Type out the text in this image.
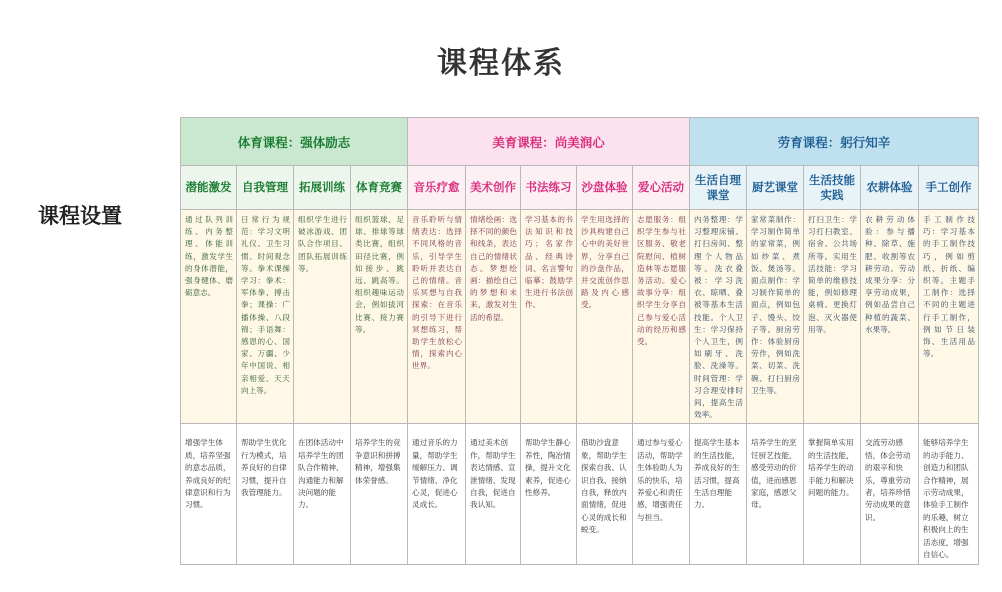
课程体系
课程设置
体育课程：强体励志				美育课程：尚美润心					劳育课程：躬行知辛				
潜能激发	自我管理	拓展训练	体育竞赛	音乐疗愈	美术创作	书法练习	沙盘体验	爱心活动	生活自理课堂	厨艺课堂	生活技能实践	农耕体验	手工创作

通过队列训练、内务整理、体能训练，激发学生的身体潜能，强身健体、磨砺意志。	日常行为规范：学习文明礼仪、卫生习惯、时间观念等。拳术课操学习：拳术：军体拳、搏击拳；课操：广播体操、八段锦；手语舞：感恩的心、国家、万疆、少年中国说、相亲相爱、天天向上等。	组织学生进行破冰游戏、团队合作项目、团队拓展训练等。	组织篮球、足球、排球等球类比赛，组织田径比赛，例如接步、跳远、跳高等。组织趣味运动会，例如拔河比赛、接力赛等。	音乐聆听与情绪表达：选择不同风格的音乐，引导学生聆听并表达自己的情绪。音乐冥想与自我探索：在音乐的引导下进行冥想练习，帮助学生放松心情，探索内心世界。	情绪绘画：选择不同的颜色和线条，表达自己的情绪状态。梦想绘画：描绘自己的梦想和未来，激发对生活的希望。	学习基本的书法知识和技巧；名家作品、经典诗词、名言警句临摹；鼓励学生进行书法创作。	学生用选择的沙具构建自己心中的美好世界，分享自己的沙盘作品，并交流创作思路及内心感受。	志愿服务：组织学生参与社区服务、敬老院慰问、植树造林等志愿服务活动。爱心故事分享：组织学生分享自己参与爱心活动的经历和感受。	内务整理：学习整理床铺、打扫房间、整理个人物品等。洗衣叠被：学习洗衣、晾晒、叠被等基本生活技能。个人卫生：学习保持个人卫生，例如刷牙、洗脸、洗澡等。时间管理：学习合理安排时间，提高生活效率。	家常菜制作：学习制作简单的家常菜，例如炒菜、煮饭、煲汤等。面点制作：学习制作简单的面点，例如包子、馒头、饺子等。厨房劳作：体验厨房劳作，例如洗菜、切菜、洗碗、打扫厨房卫生等。	打扫卫生：学习打扫教室、宿舍、公共场所等。实用生活技能：学习简单的维修技能，例如修理桌椅、更换灯泡、灭火器使用等。	农耕劳动体验：参与播种、除草、施肥、收割等农耕劳动。劳动成果分享：分享劳动成果，例如品尝自己种植的蔬菜、水果等。	手工制作技巧：学习基本的手工制作技巧，例如剪纸、折纸、编织等。主题手工制作：选择不同的主题进行手工制作，例如节日装饰、生活用品等。

增强学生体质，培养坚强的意志品质，养成良好的纪律意识和行为习惯。	帮助学生优化行为模式，培养良好的自律习惯，提升自我管理能力。	在团体活动中培养学生的团队合作精神、沟通能力和解决问题的能力。	培养学生的竞争意识和拼搏精神，增强集体荣誉感。	通过音乐的力量，帮助学生缓解压力、调节情绪、净化心灵，促进心灵成长。	通过美术创作，帮助学生表达情感、宣泄情绪、发现自我，促进自我认知。	帮助学生静心养性，陶冶情操，提升文化素养，促进心性修养。	借助沙盘意象，帮助学生探索自我、认识自我、接纳自我，释放内面情绪，促进心灵的成长和蜕变。	通过参与爱心活动，帮助学生体验助人为乐的快乐，培养爱心和责任感，增强责任与担当。	提高学生基本的生活技能，养成良好的生活习惯，提高生活自理能力。	培养学生的烹饪厨艺技能，感受劳动的价值，进而感恩家庭，感恩父母。	掌握简单实用的生活技能，培养学生的动手能力和解决问题的能力。	交流劳动感悟，体会劳动的艰辛和快乐，尊重劳动者，培养珍惜劳动成果的意识。	能够培养学生的动手能力、创造力和团队合作精神，展示劳动成果，体验手工制作的乐趣，树立积极向上的生活态度，增强自信心。
